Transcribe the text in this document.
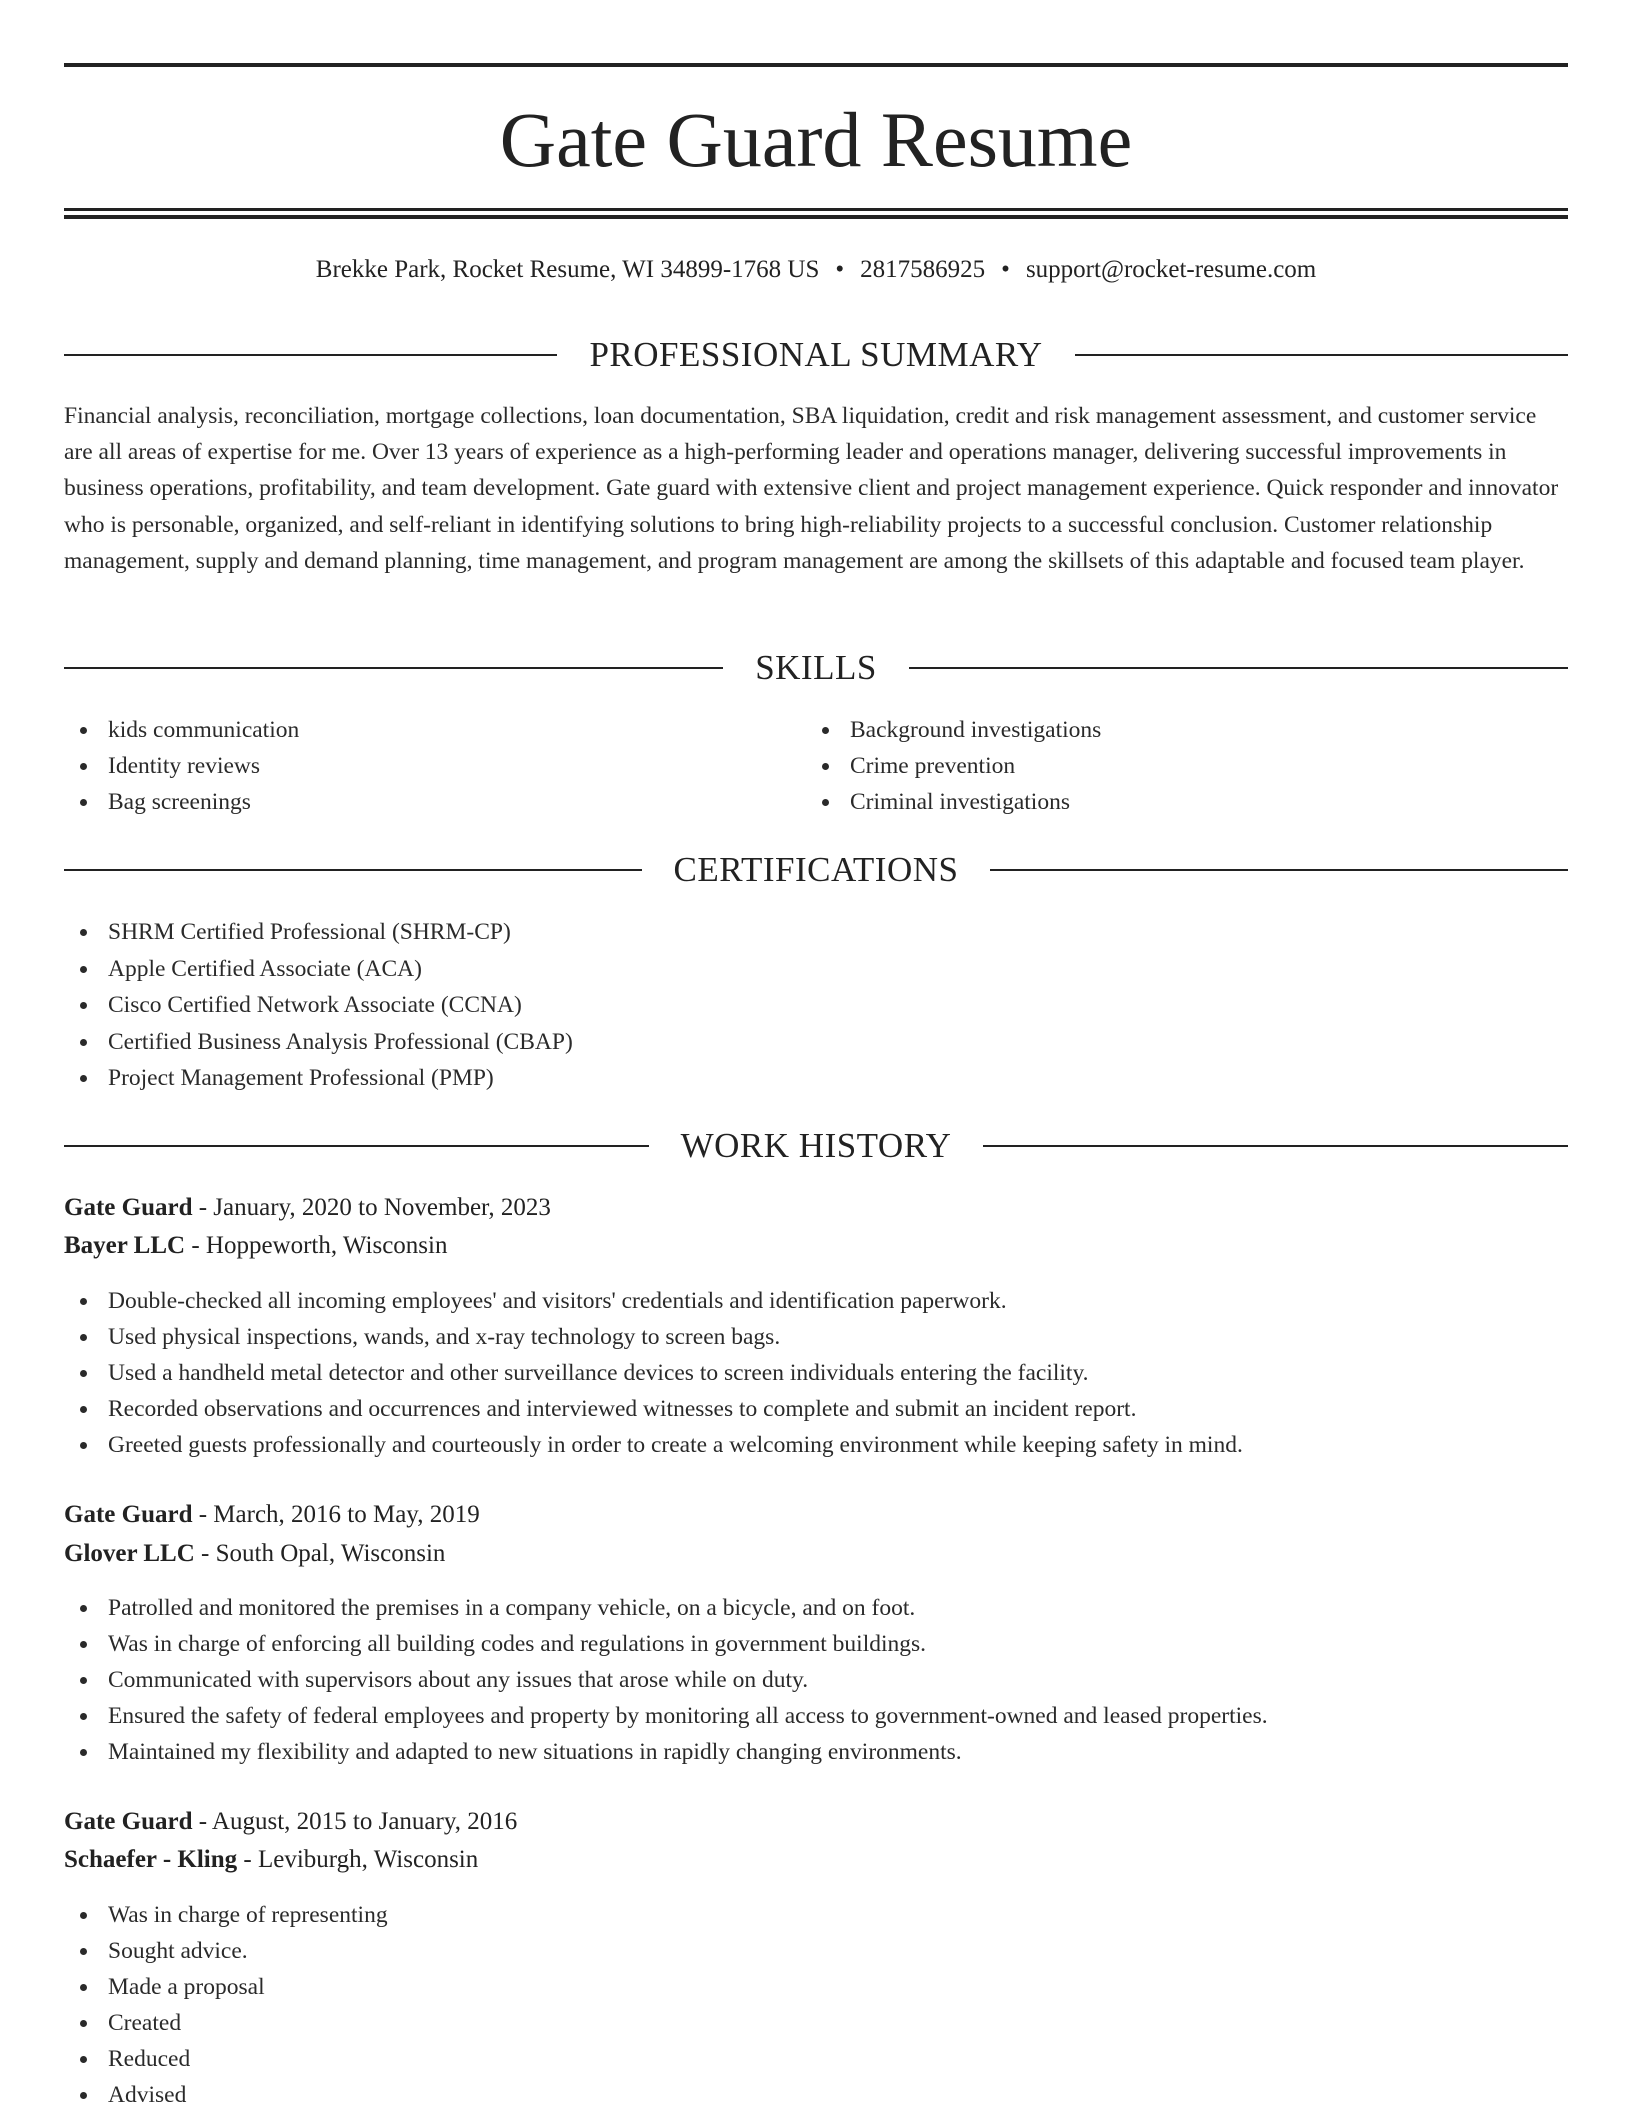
Gate Guard Resume
Brekke Park, Rocket Resume, WI 34899-1768 US • 2817586925 • support@rocket-resume.com
PROFESSIONAL SUMMARY

Financial analysis, reconciliation, mortgage collections, loan documentation, SBA liquidation, credit and risk management assessment, and customer service are all areas of expertise for me. Over 13 years of experience as a high-performing leader and operations manager, delivering successful improvements in business operations, profitability, and team development. Gate guard with extensive client and project management experience. Quick responder and innovator who is personable, organized, and self-reliant in identifying solutions to bring high-reliability projects to a successful conclusion. Customer relationship management, supply and demand planning, time management, and program management are among the skillsets of this adaptable and focused team player.

SKILLS
kids communication
Identity reviews
Bag screenings
Background investigations
Crime prevention
Criminal investigations
CERTIFICATIONS
SHRM Certified Professional (SHRM-CP)
Apple Certified Associate (ACA)
Cisco Certified Network Associate (CCNA)
Certified Business Analysis Professional (CBAP)
Project Management Professional (PMP)
WORK HISTORY
Gate Guard - January, 2020 to November, 2023
Bayer LLC - Hoppeworth, Wisconsin
Double-checked all incoming employees' and visitors' credentials and identification paperwork.
Used physical inspections, wands, and x-ray technology to screen bags.
Used a handheld metal detector and other surveillance devices to screen individuals entering the facility.
Recorded observations and occurrences and interviewed witnesses to complete and submit an incident report.
Greeted guests professionally and courteously in order to create a welcoming environment while keeping safety in mind.
Gate Guard - March, 2016 to May, 2019
Glover LLC - South Opal, Wisconsin
Patrolled and monitored the premises in a company vehicle, on a bicycle, and on foot.
Was in charge of enforcing all building codes and regulations in government buildings.
Communicated with supervisors about any issues that arose while on duty.
Ensured the safety of federal employees and property by monitoring all access to government-owned and leased properties.
Maintained my flexibility and adapted to new situations in rapidly changing environments.
Gate Guard - August, 2015 to January, 2016
Schaefer - Kling - Leviburgh, Wisconsin
Was in charge of representing
Sought advice.
Made a proposal
Created
Reduced
Advised
